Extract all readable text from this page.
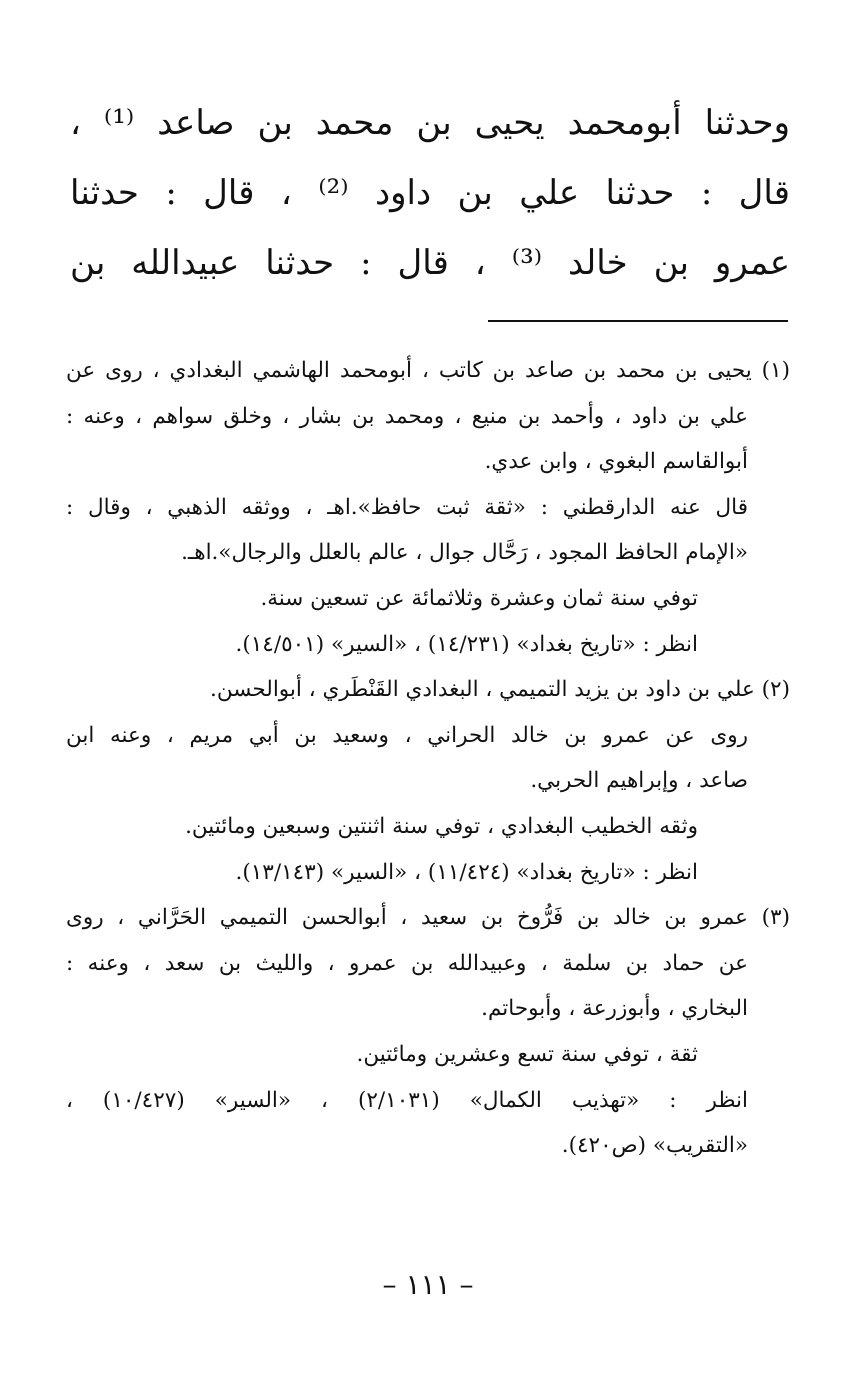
وحدثنا أبومحمد يحيى بن محمد بن صاعد ⁽¹⁾ ،
قال : حدثنا علي بن داود ⁽²⁾ ، قال : حدثنا
عمرو بن خالد ⁽³⁾ ، قال : حدثنا عبيدالله بن
(١) يحيى بن محمد بن صاعد بن كاتب ، أبومحمد الهاشمي البغدادي ، روى عن
علي بن داود ، وأحمد بن منيع ، ومحمد بن بشار ، وخلق سواهم ، وعنه :
أبوالقاسم البغوي ، وابن عدي.
قال عنه الدارقطني : «ثقة ثبت حافظ».اهـ ، ووثقه الذهبي ، وقال :
«الإمام الحافظ المجود ، رَحَّال جوال ، عالم بالعلل والرجال».اهـ.
توفي سنة ثمان وعشرة وثلاثمائة عن تسعين سنة.
انظر : «تاريخ بغداد» (١٤/٢٣١) ، «السير» (١٤/٥٠١).
(٢) علي بن داود بن يزيد التميمي ، البغدادي القَنْطَري ، أبوالحسن.
روى عن عمرو بن خالد الحراني ، وسعيد بن أبي مريم ، وعنه ابن
صاعد ، وإبراهيم الحربي.
وثقه الخطيب البغدادي ، توفي سنة اثنتين وسبعين ومائتين.
انظر : «تاريخ بغداد» (١١/٤٢٤) ، «السير» (١٣/١٤٣).
(٣) عمرو بن خالد بن فَرُّوخ بن سعيد ، أبوالحسن التميمي الحَرَّاني ، روى
عن حماد بن سلمة ، وعبيدالله بن عمرو ، والليث بن سعد ، وعنه :
البخاري ، وأبوزرعة ، وأبوحاتم.
ثقة ، توفي سنة تسع وعشرين ومائتين.
انظر : «تهذيب الكمال» (٢/١٠٣١) ، «السير» (١٠/٤٢٧) ،
«التقريب» (ص٤٢٠).
– ١١١ –
